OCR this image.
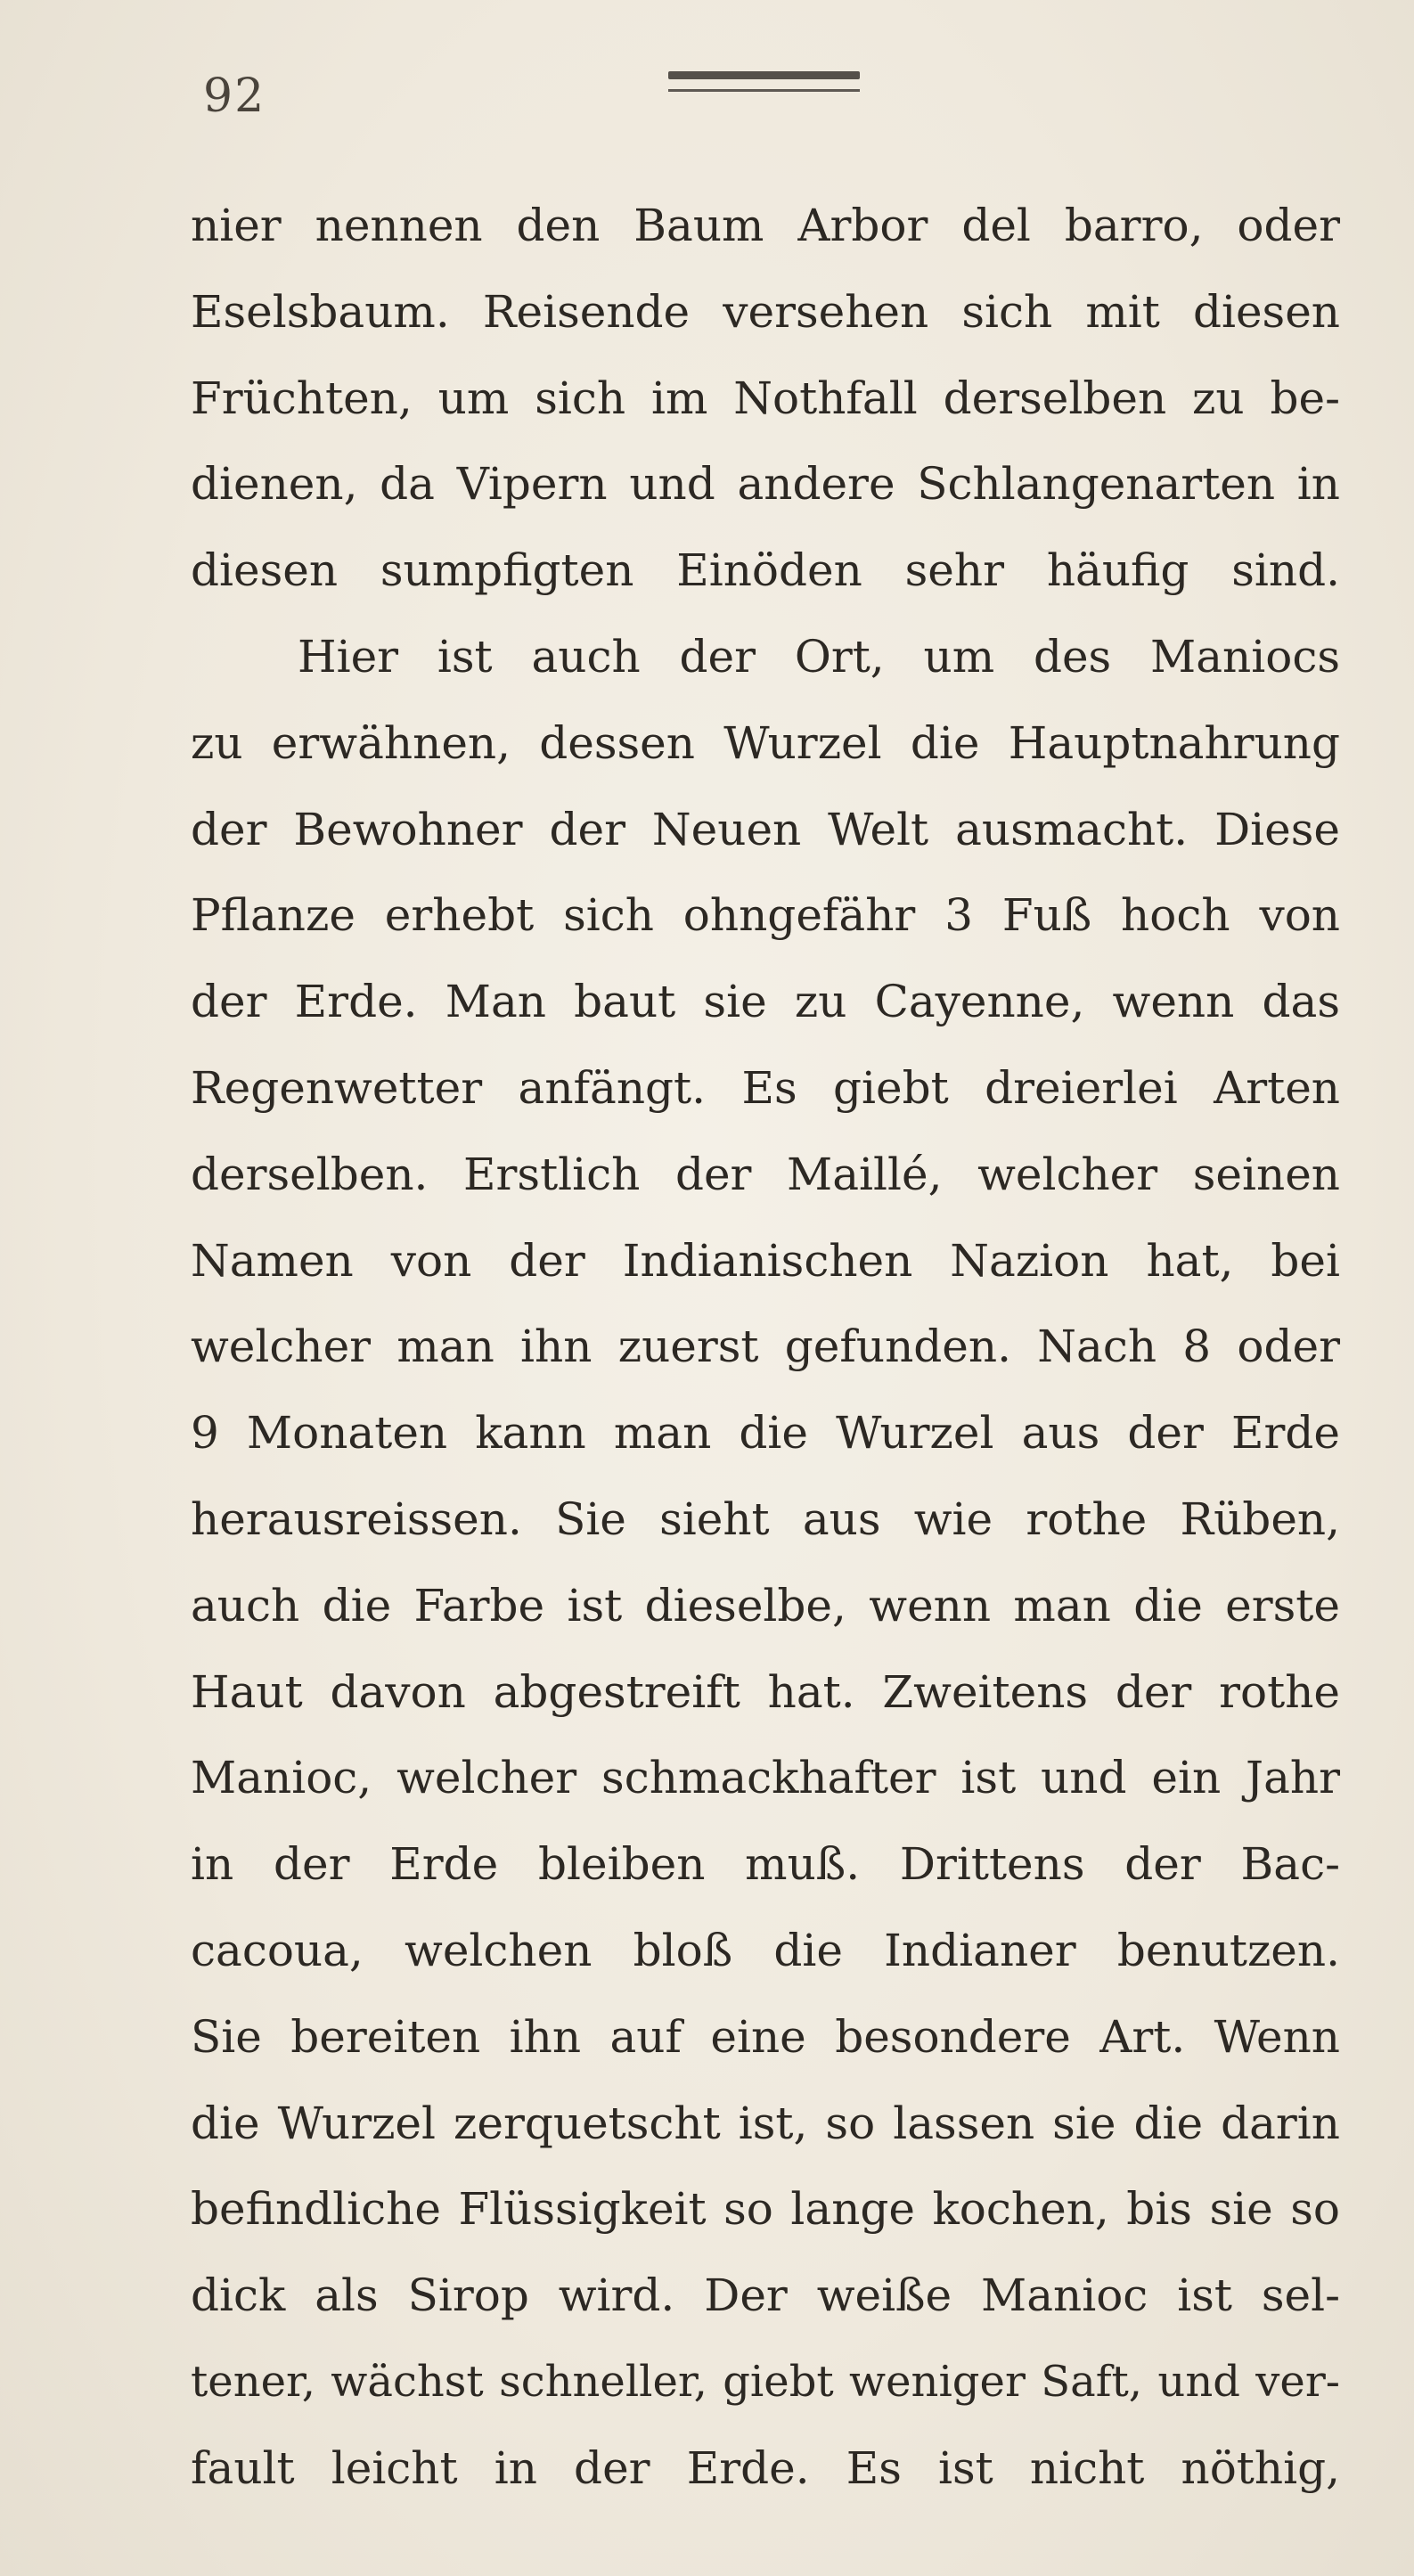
92
nier nennen den Baum Arbor del barro, oder
Eselsbaum. Reisende versehen sich mit diesen
Früchten, um sich im Nothfall derselben zu be-
dienen, da Vipern und andere Schlangenarten in
diesen sumpfigten Einöden sehr häufig sind.
Hier ist auch der Ort, um des Maniocs
zu erwähnen, dessen Wurzel die Hauptnahrung
der Bewohner der Neuen Welt ausmacht. Diese
Pflanze erhebt sich ohngefähr 3 Fuß hoch von
der Erde. Man baut sie zu Cayenne, wenn das
Regenwetter anfängt. Es giebt dreierlei Arten
derselben. Erstlich der Maillé, welcher seinen
Namen von der Indianischen Nazion hat, bei
welcher man ihn zuerst gefunden. Nach 8 oder
9 Monaten kann man die Wurzel aus der Erde
herausreissen. Sie sieht aus wie rothe Rüben,
auch die Farbe ist dieselbe, wenn man die erste
Haut davon abgestreift hat. Zweitens der rothe
Manioc, welcher schmackhafter ist und ein Jahr
in der Erde bleiben muß. Drittens der Bac-
cacoua, welchen bloß die Indianer benutzen.
Sie bereiten ihn auf eine besondere Art. Wenn
die Wurzel zerquetscht ist, so lassen sie die darin
befindliche Flüssigkeit so lange kochen, bis sie so
dick als Sirop wird. Der weiße Manioc ist sel-
tener, wächst schneller, giebt weniger Saft, und ver-
fault leicht in der Erde. Es ist nicht nöthig,
